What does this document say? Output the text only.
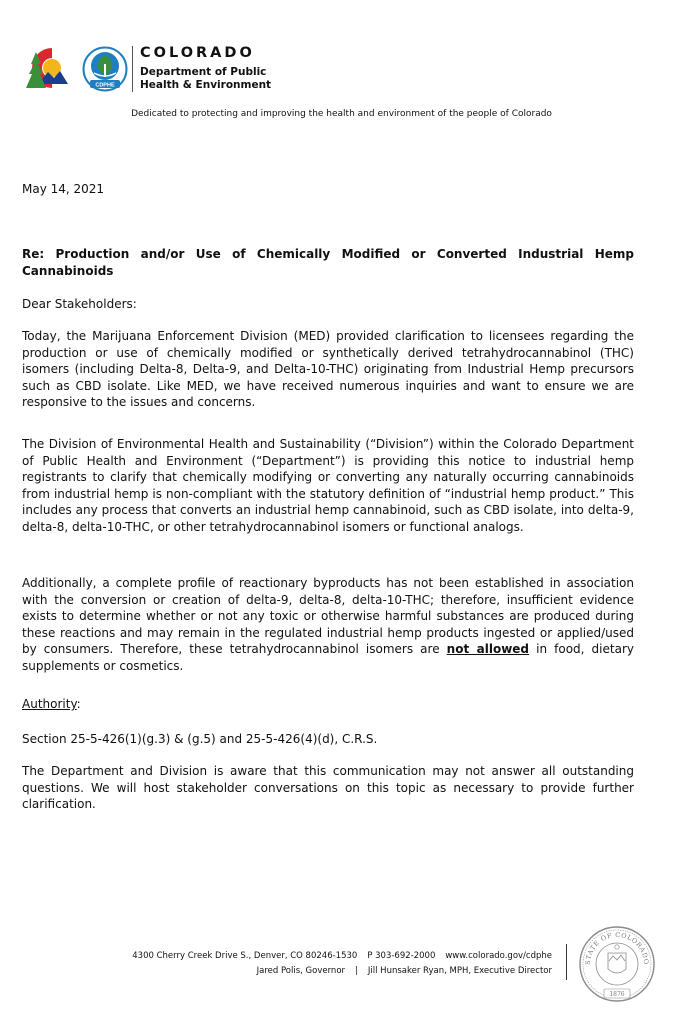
CDPHE
COLORADO
Department of Public
Health & Environment
Dedicated to protecting and improving the health and environment of the people of Colorado
May 14, 2021
Re: Production and/or Use of Chemically Modified or Converted Industrial Hemp Cannabinoids
Dear Stakeholders:
Today, the Marijuana Enforcement Division (MED) provided clarification to licensees regarding the production or use of chemically modified or synthetically derived tetrahydrocannabinol (THC) isomers (including Delta-8, Delta-9, and Delta-10-THC) originating from Industrial Hemp precursors such as CBD isolate. Like MED, we have received numerous inquiries and want to ensure we are responsive to the issues and concerns.
The Division of Environmental Health and Sustainability (“Division”) within the Colorado Department of Public Health and Environment (“Department”) is providing this notice to industrial hemp registrants to clarify that chemically modifying or converting any naturally occurring cannabinoids from industrial hemp is non-compliant with the statutory definition of “industrial hemp product.” This includes any process that converts an industrial hemp cannabinoid, such as CBD isolate, into delta-9, delta-8, delta-10-THC, or other tetrahydrocannabinol isomers or functional analogs.
Additionally, a complete profile of reactionary byproducts has not been established in association with the conversion or creation of delta-9, delta-8, delta-10-THC; therefore, insufficient evidence exists to determine whether or not any toxic or otherwise harmful substances are produced during these reactions and may remain in the regulated industrial hemp products ingested or applied/used by consumers. Therefore, these tetrahydrocannabinol isomers are not allowed in food, dietary supplements or cosmetics.
Authority:
Section 25-5-426(1)(g.3) & (g.5) and 25-5-426(4)(d), C.R.S.
The Department and Division is aware that this communication may not answer all outstanding questions. We will host stakeholder conversations on this topic as necessary to provide further clarification.
4300 Cherry Creek Drive S., Denver, CO 80246-1530 P 303-692-2000 www.colorado.gov/cdphe
Jared Polis, Governor | Jill Hunsaker Ryan, MPH, Executive Director
STATE OF COLORADO
1876
